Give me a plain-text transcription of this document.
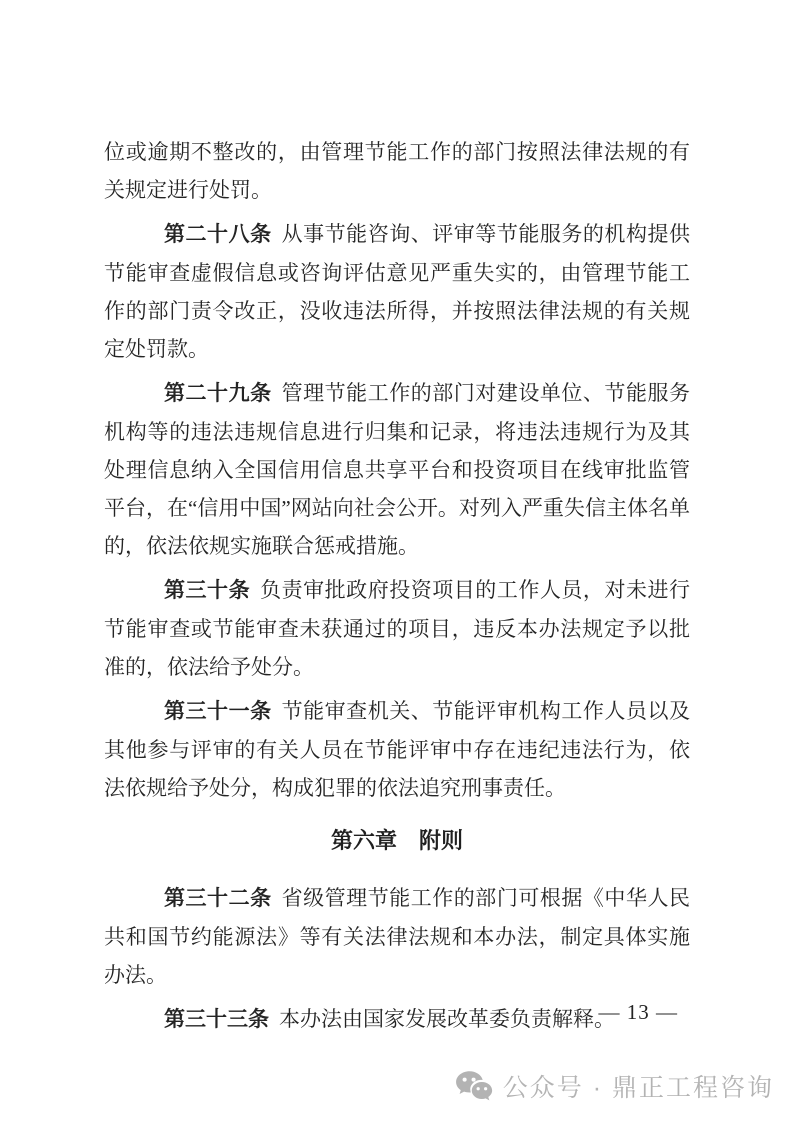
位或逾期不整改的，由管理节能工作的部门按照法律法规的有关规定进行处罚。

第二十八条 从事节能咨询、评审等节能服务的机构提供节能审查虚假信息或咨询评估意见严重失实的，由管理节能工作的部门责令改正，没收违法所得，并按照法律法规的有关规定处罚款。

第二十九条 管理节能工作的部门对建设单位、节能服务机构等的违法违规信息进行归集和记录，将违法违规行为及其处理信息纳入全国信用信息共享平台和投资项目在线审批监管平台，在“信用中国”网站向社会公开。对列入严重失信主体名单的，依法依规实施联合惩戒措施。

第三十条 负责审批政府投资项目的工作人员，对未进行节能审查或节能审查未获通过的项目，违反本办法规定予以批准的，依法给予处分。

第三十一条 节能审查机关、节能评审机构工作人员以及其他参与评审的有关人员在节能评审中存在违纪违法行为，依法依规给予处分，构成犯罪的依法追究刑事责任。

第六章　附则

第三十二条 省级管理节能工作的部门可根据《中华人民共和国节约能源法》等有关法律法规和本办法，制定具体实施办法。

第三十三条 本办法由国家发展改革委负责解释。

— 13 —
公众号 · 鼎正工程咨询
